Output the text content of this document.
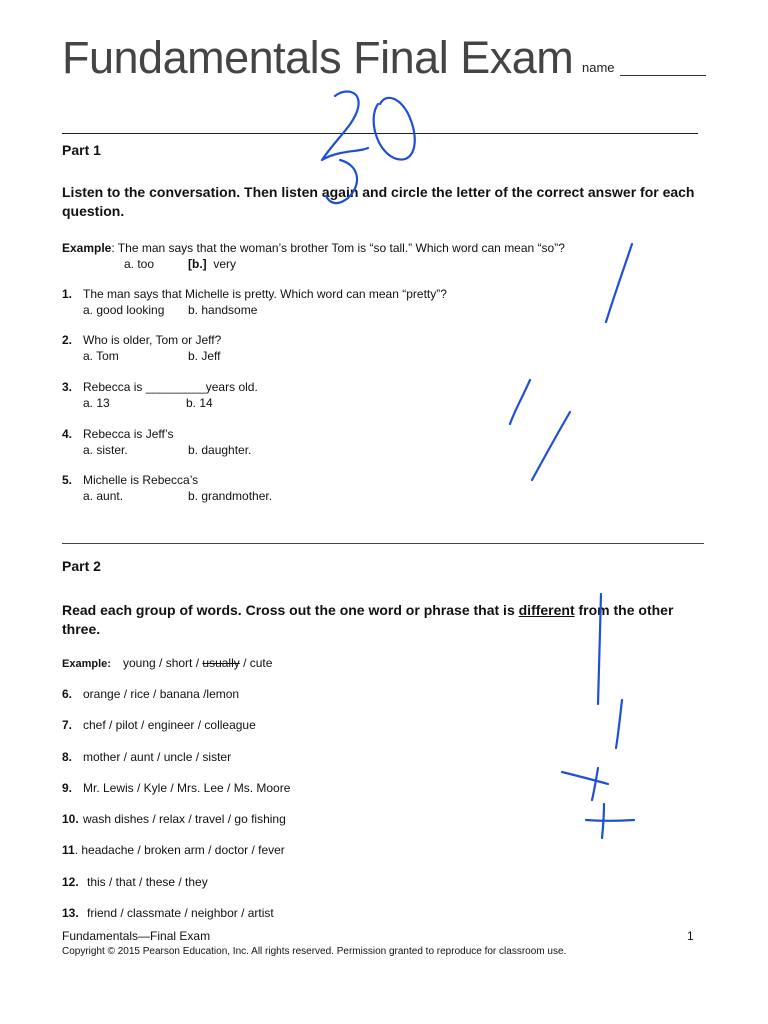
Fundamentals Final Exam name
Part 1
Listen to the conversation. Then listen again and circle the letter of the correct answer for each question.
Example: The man says that the woman’s brother Tom is “so tall.” Which word can mean “so”?
a. too	[b.] very
1. The man says that Michelle is pretty. Which word can mean “pretty”?
a. good looking b. handsome
2. Who is older, Tom or Jeff?
a. Tom	b. Jeff
3. Rebecca is _________years old.
a. 13	b. 14
4. Rebecca is Jeff’s
a. sister.	b. daughter.
5. Michelle is Rebecca’s
a. aunt.	b. grandmother.
Part 2
Read each group of words. Cross out the one word or phrase that is different from the other three.
Example: young / short / usually / cute
6. orange / rice / banana /lemon
7. chef / pilot / engineer / colleague
8. mother / aunt / uncle / sister
9. Mr. Lewis / Kyle / Mrs. Lee / Ms. Moore
10. wash dishes / relax / travel / go fishing
11. headache / broken arm / doctor / fever
12. this / that / these / they
13. friend / classmate / neighbor / artist
Fundamentals—Final Exam	1
Copyright © 2015 Pearson Education, Inc. All rights reserved. Permission granted to reproduce for classroom use.
